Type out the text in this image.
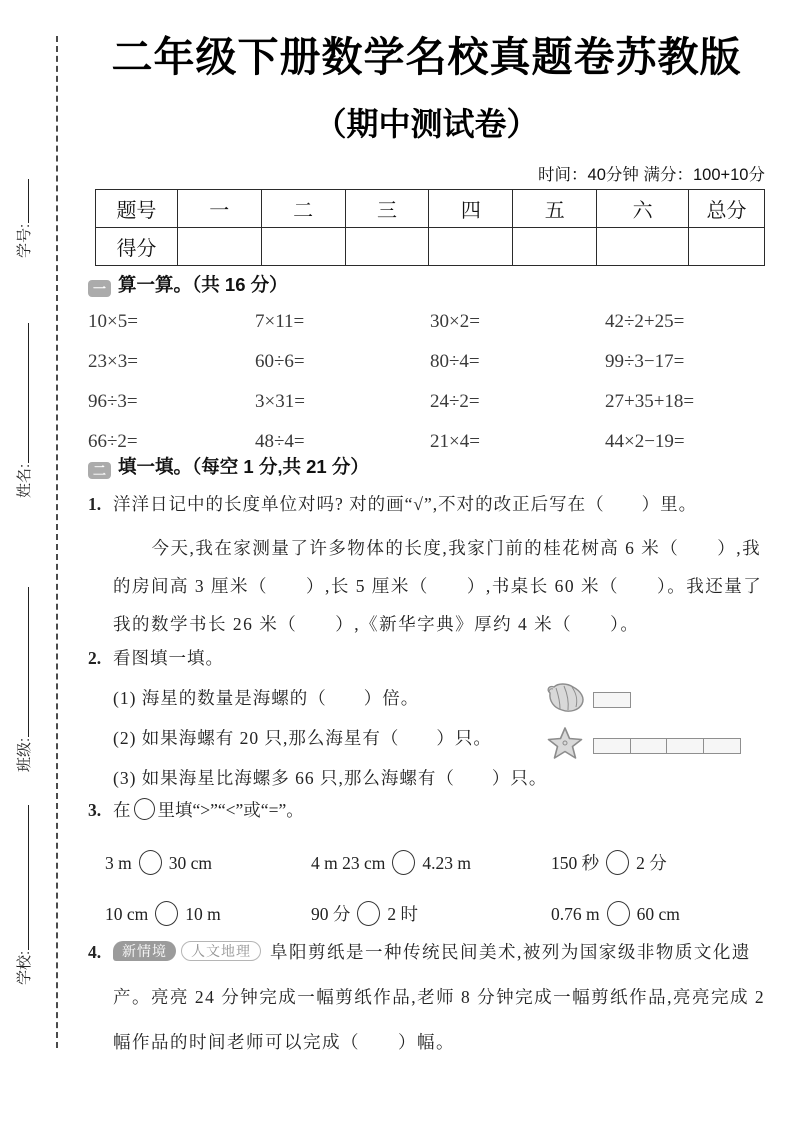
学号:
姓名:
班级:
学校:
二年级下册数学名校真题卷苏教版
（期中测试卷）
时间：40分钟 满分：100+10分
题号	一	二	三	四	五	六	总分
得分							
一 算一算。（共 16 分）
10×5=	7×11=	30×2=	42÷2+25=
23×3=	60÷6=	80÷4=	99÷3−17=
96÷3=	3×31=	24÷2=	27+35+18=
66÷2=	48÷4=	21×4=	44×2−19=
二 填一填。（每空 1 分,共 21 分）
1. 洋洋日记中的长度单位对吗? 对的画“√”,不对的改正后写在（　　）里。
今天,我在家测量了许多物体的长度,我家门前的桂花树高 6 米（　　）,我的房间高 3 厘米（　　）,长 5 厘米（　　）,书桌长 60 米（　　）。我还量了我的数学书长 26 米（　　）,《新华字典》厚约 4 米（　　）。
2. 看图填一填。
(1) 海星的数量是海螺的（　　）倍。
(2) 如果海螺有 20 只,那么海星有（　　）只。
(3) 如果海星比海螺多 66 只,那么海螺有（　　）只。
3. 在 里填“>”“<”或“=”。
3 m 30 cm	4 m 23 cm 4.23 m	150 秒 2 分
10 cm 10 m	90 分 2 时	0.76 m 60 cm
4.	新情境 人文地理 阜阳剪纸是一种传统民间美术,被列为国家级非物质文化遗产。亮亮 24 分钟完成一幅剪纸作品,老师 8 分钟完成一幅剪纸作品,亮亮完成 2 幅作品的时间老师可以完成（　　）幅。
